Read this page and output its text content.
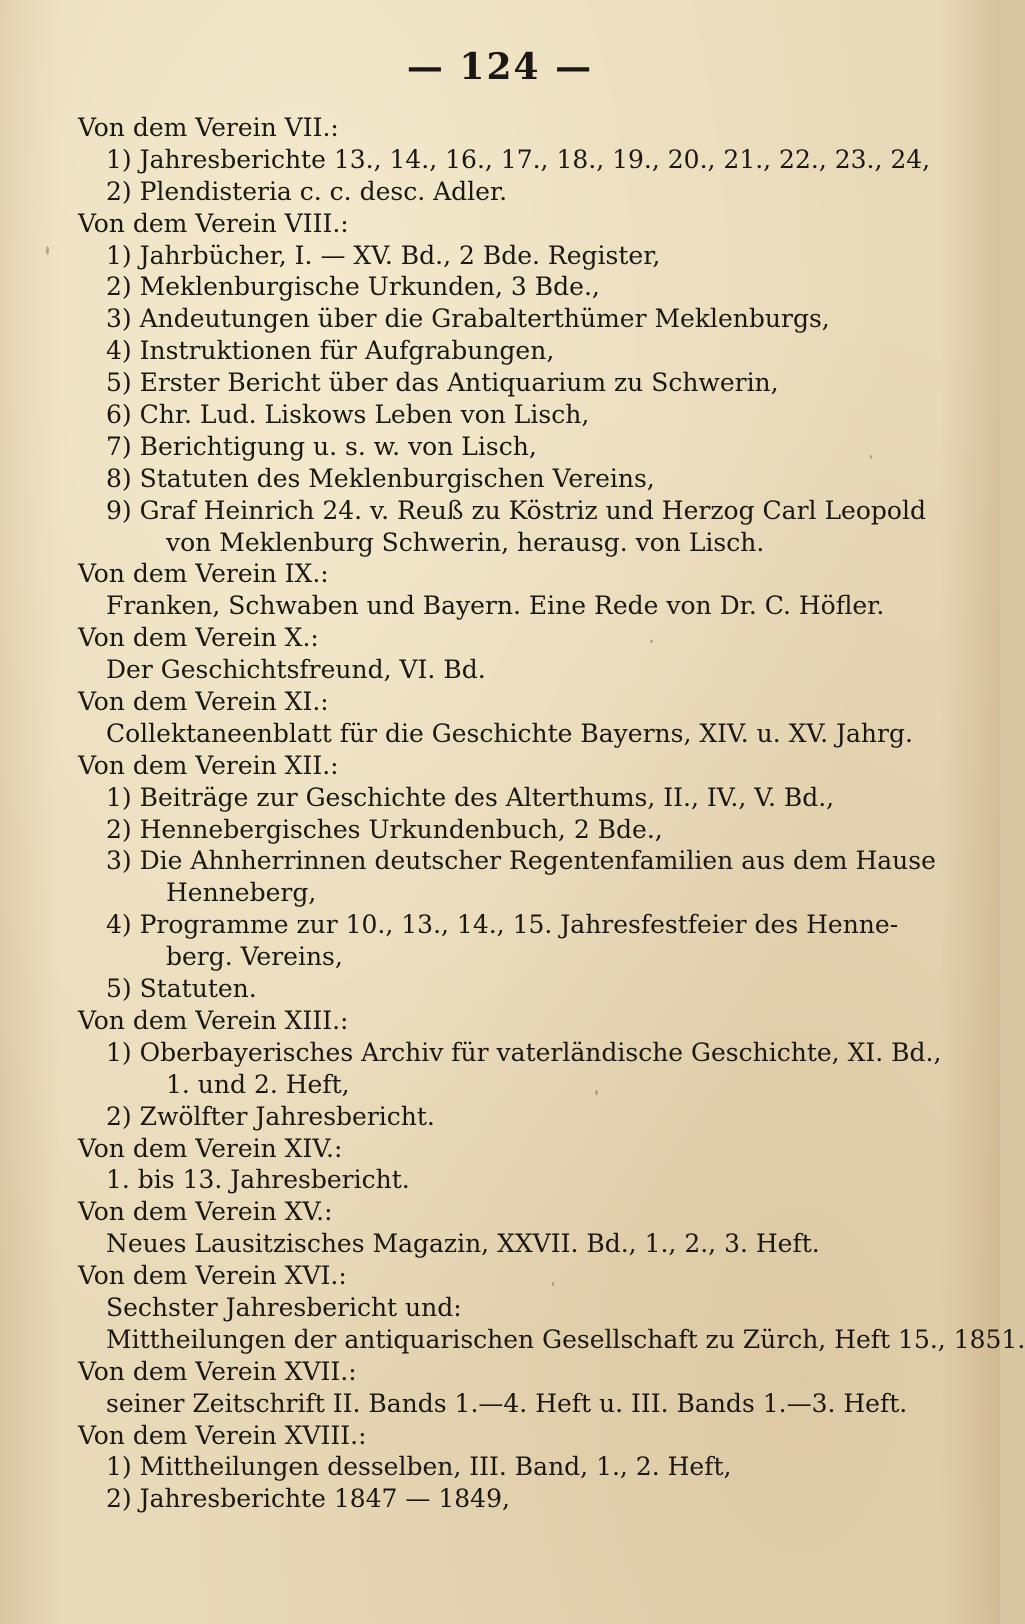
— 124 —
Von dem Verein VII.:
1) Jahresberichte 13., 14., 16., 17., 18., 19., 20., 21., 22., 23., 24,
2) Plendisteria c. c. desc. Adler.
Von dem Verein VIII.:
1) Jahrbücher, I. — XV. Bd., 2 Bde. Register,
2) Meklenburgische Urkunden, 3 Bde.,
3) Andeutungen über die Grabalterthümer Meklenburgs,
4) Instruktionen für Aufgrabungen,
5) Erster Bericht über das Antiquarium zu Schwerin,
6) Chr. Lud. Liskows Leben von Lisch,
7) Berichtigung u. s. w. von Lisch,
8) Statuten des Meklenburgischen Vereins,
9) Graf Heinrich 24. v. Reuß zu Köstriz und Herzog Carl Leopold
von Meklenburg Schwerin, herausg. von Lisch.
Von dem Verein IX.:
Franken, Schwaben und Bayern. Eine Rede von Dr. C. Höfler.
Von dem Verein X.:
Der Geschichtsfreund, VI. Bd.
Von dem Verein XI.:
Collektaneenblatt für die Geschichte Bayerns, XIV. u. XV. Jahrg.
Von dem Verein XII.:
1) Beiträge zur Geschichte des Alterthums, II., IV., V. Bd.,
2) Hennebergisches Urkundenbuch, 2 Bde.,
3) Die Ahnherrinnen deutscher Regentenfamilien aus dem Hause
Henneberg,
4) Programme zur 10., 13., 14., 15. Jahresfestfeier des Henne-
berg. Vereins,
5) Statuten.
Von dem Verein XIII.:
1) Oberbayerisches Archiv für vaterländische Geschichte, XI. Bd.,
1. und 2. Heft,
2) Zwölfter Jahresbericht.
Von dem Verein XIV.:
1. bis 13. Jahresbericht.
Von dem Verein XV.:
Neues Lausitzisches Magazin, XXVII. Bd., 1., 2., 3. Heft.
Von dem Verein XVI.:
Sechster Jahresbericht und:
Mittheilungen der antiquarischen Gesellschaft zu Zürch, Heft 15., 1851.
Von dem Verein XVII.:
seiner Zeitschrift II. Bands 1.—4. Heft u. III. Bands 1.—3. Heft.
Von dem Verein XVIII.:
1) Mittheilungen desselben, III. Band, 1., 2. Heft,
2) Jahresberichte 1847 — 1849,
